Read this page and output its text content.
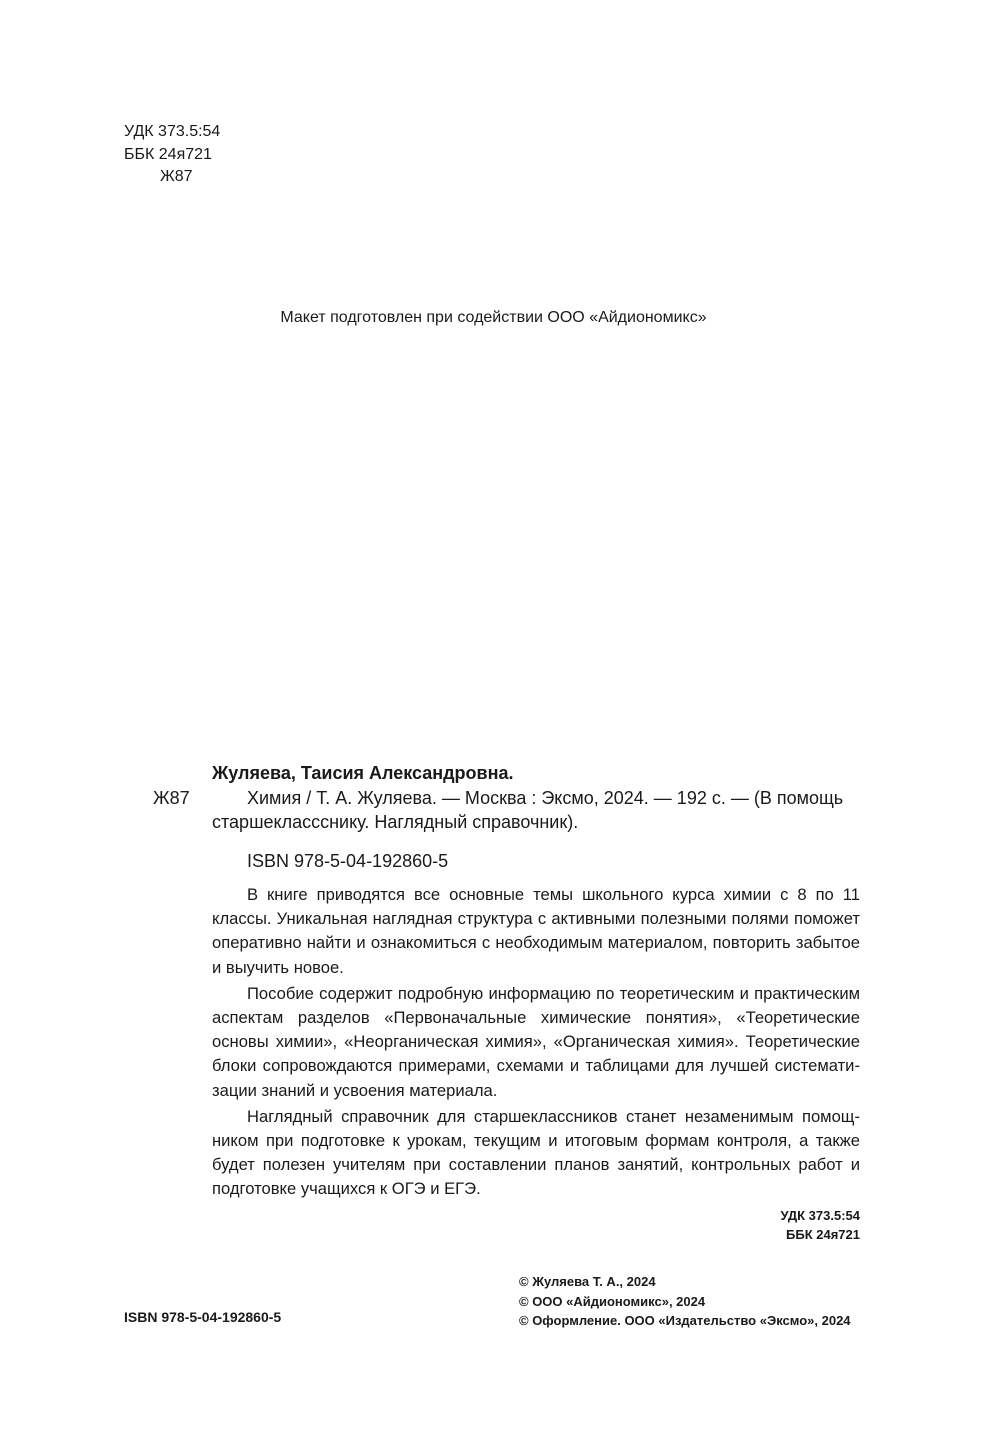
УДК 373.5:54
ББК 24я721
Ж87
Макет подготовлен при содействии ООО «Айдиономикс»
Жуляева, Таисия Александровна.
Ж87	Химия / Т. А. Жуляева. — Москва : Эксмо, 2024. — 192 с. — (В помощь
старшеклассснику. Наглядный справочник).
ISBN 978-5-04-192860-5

В книге приводятся все основные темы школьного курса химии с 8 по 11 классы. Уникальная наглядная структура с активными полезными полями поможет оперативно найти и ознакомиться с необходимым материалом, повторить забытое и выучить новое.

Пособие содержит подробную информацию по теоретическим и практическим аспектам разделов «Первоначальные химические понятия», «Теоретические основы химии», «Неорганическая химия», «Органическая химия». Теоретические блоки сопровождаются примерами, схемами и таблицами для лучшей систематизации знаний и усвоения материала.

Наглядный справочник для старшеклассников станет незаменимым помощником при подготовке к урокам, текущим и итоговым формам контроля, а также будет полезен учителям при составлении планов занятий, контрольных работ и подготовке учащихся к ОГЭ и ЕГЭ.

УДК 373.5:54
ББК 24я721
© Жуляева Т. А., 2024
© ООО «Айдиономикс», 2024
© Оформление. ООО «Издательство «Эксмо», 2024
ISBN 978-5-04-192860-5
